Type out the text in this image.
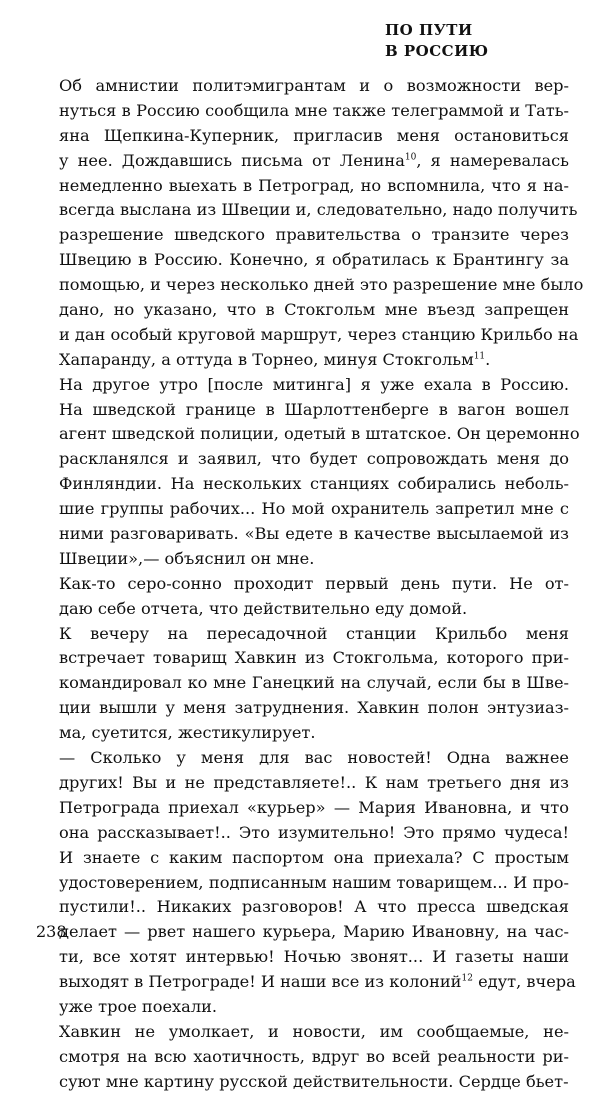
ПО ПУТИ
В РОССИЮ
Об амнистии политэмигрантам и о возможности вер-
нуться в Россию сообщила мне также телеграммой и Тать-
яна Щепкина-Куперник, пригласив меня остановиться
у нее. Дождавшись письма от Ленина$^{10}$, я намеревалась
немедленно выехать в Петроград, но вспомнила, что я на-
всегда выслана из Швеции и, следовательно, надо получить
разрешение шведского правительства о транзите через
Швецию в Россию. Конечно, я обратилась к Брантингу за
помощью, и через несколько дней это разрешение мне было
дано, но указано, что в Стокгольм мне въезд запрещен
и дан особый круговой маршрут, через станцию Крильбо на
Хапаранду, а оттуда в Торнео, минуя Стокгольм$^{11}$.
На другое утро [после митинга] я уже ехала в Россию.
На шведской границе в Шарлоттенберге в вагон вошел
агент шведской полиции, одетый в штатское. Он церемонно
раскланялся и заявил, что будет сопровождать меня до
Финляндии. На нескольких станциях собирались неболь-
шие группы рабочих... Но мой охранитель запретил мне с
ними разговаривать. «Вы едете в качестве высылаемой из
Швеции»,— объяснил он мне.
Как-то серо-сонно проходит первый день пути. Не от-
даю себе отчета, что действительно еду домой.
К вечеру на пересадочной станции Крильбо меня
встречает товарищ Хавкин из Стокгольма, которого при-
командировал ко мне Ганецкий на случай, если бы в Шве-
ции вышли у меня затруднения. Хавкин полон энтузиаз-
ма, суетится, жестикулирует.
— Сколько у меня для вас новостей! Одна важнее
других! Вы и не представляете!.. К нам третьего дня из
Петрограда приехал «курьер» — Мария Ивановна, и что
она рассказывает!.. Это изумительно! Это прямо чудеса!
И знаете с каким паспортом она приехала? С простым
удостоверением, подписанным нашим товарищем... И про-
пустили!.. Никаких разговоров! А что пресса шведская
делает — рвет нашего курьера, Марию Ивановну, на час-
ти, все хотят интервью! Ночью звонят... И газеты наши
выходят в Петрограде! И наши все из колоний$^{12}$ едут, вчера
уже трое поехали.
Хавкин не умолкает, и новости, им сообщаемые, не-
смотря на всю хаотичность, вдруг во всей реальности ри-
суют мне картину русской действительности. Сердце бьет-
238
